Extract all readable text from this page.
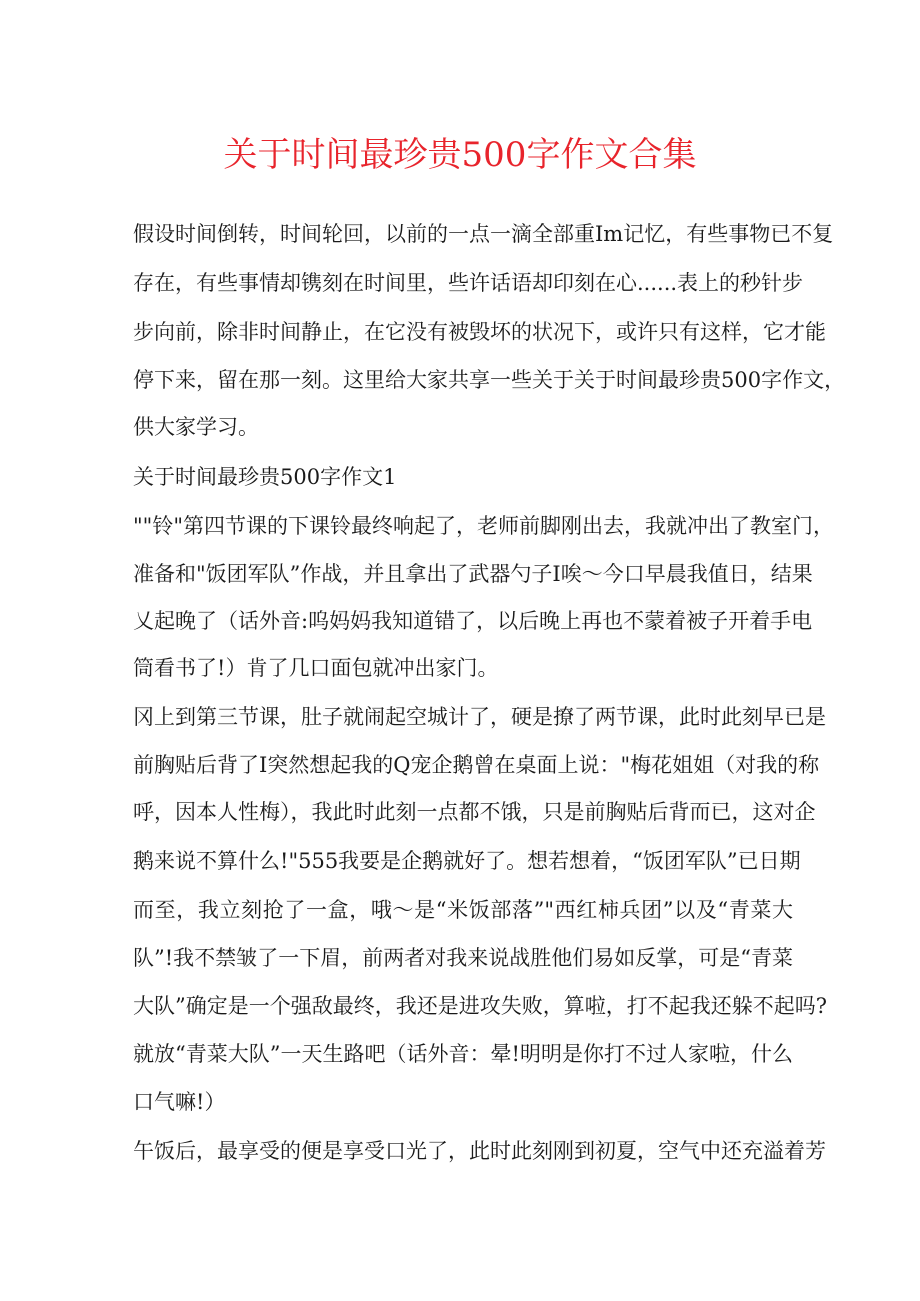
关于时间最珍贵500字作文合集

假设时间倒转，时间轮回，以前的一点一滴全部重Im记忆，有些事物已不复

存在，有些事情却镌刻在时间里，些许话语却印刻在心......表上的秒针步

步向前，除非时间静止，在它没有被毁坏的状况下，或许只有这样，它才能

停下来，留在那一刻。这里给大家共享一些关于关于时间最珍贵500字作文，

供大家学习。

关于时间最珍贵500字作文1

""铃"第四节课的下课铃最终响起了，老师前脚刚出去，我就冲出了教室门，

准备和"饭团军队”作战，并且拿出了武器勺子I唉～今口早晨我值日，结果

乂起晚了（话外音:呜妈妈我知道错了，以后晚上再也不蒙着被子开着手电

筒看书了!）肯了几口面包就冲出家门。

冈上到第三节课，肚子就闹起空城计了，硬是撩了两节课，此时此刻早已是

前胸贴后背了I突然想起我的Q宠企鹅曾在桌面上说："梅花姐姐（对我的称

呼，因本人性梅），我此时此刻一点都不饿，只是前胸贴后背而已，这对企

鹅来说不算什么!"555我要是企鹅就好了。想若想着，“饭团军队”已日期

而至，我立刻抢了一盒，哦～是“米饭部落”"西红柿兵团”以及“青菜大

队”!我不禁皱了一下眉，前两者对我来说战胜他们易如反掌，可是“青菜

大队”确定是一个强敌最终，我还是进攻失败，算啦，打不起我还躲不起吗?

就放“青菜大队”一天生路吧（话外音：晕!明明是你打不过人家啦，什么

口气嘛!）

午饭后，最享受的便是享受口光了，此时此刻刚到初夏，空气中还充溢着芳
